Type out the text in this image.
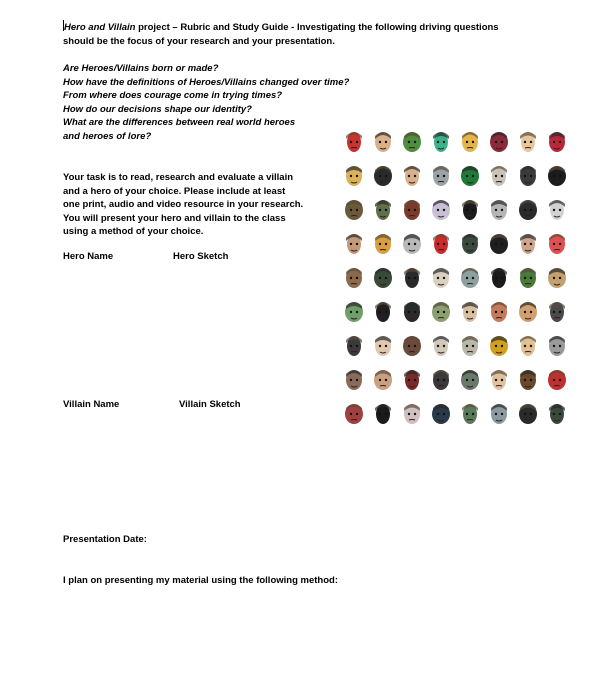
Hero and Villain project – Rubric and Study Guide - Investigating the following driving questions
should be the focus of your research and your presentation.
Are Heroes/Villains born or made?
How have the definitions of Heroes/Villains changed over time?
From where does courage come in trying times?
How do our decisions shape our identity?
What are the differences between real world heroes
and heroes of lore?
Your task is to read, research and evaluate a villain
and a hero of your choice. Please include at least
one print, audio and video resource in your research.
You will present your hero and villain to the class
using a method of your choice.
Hero Name	Hero Sketch
Villain Name	Villain Sketch
Presentation Date:
I plan on presenting my material using the following method:
